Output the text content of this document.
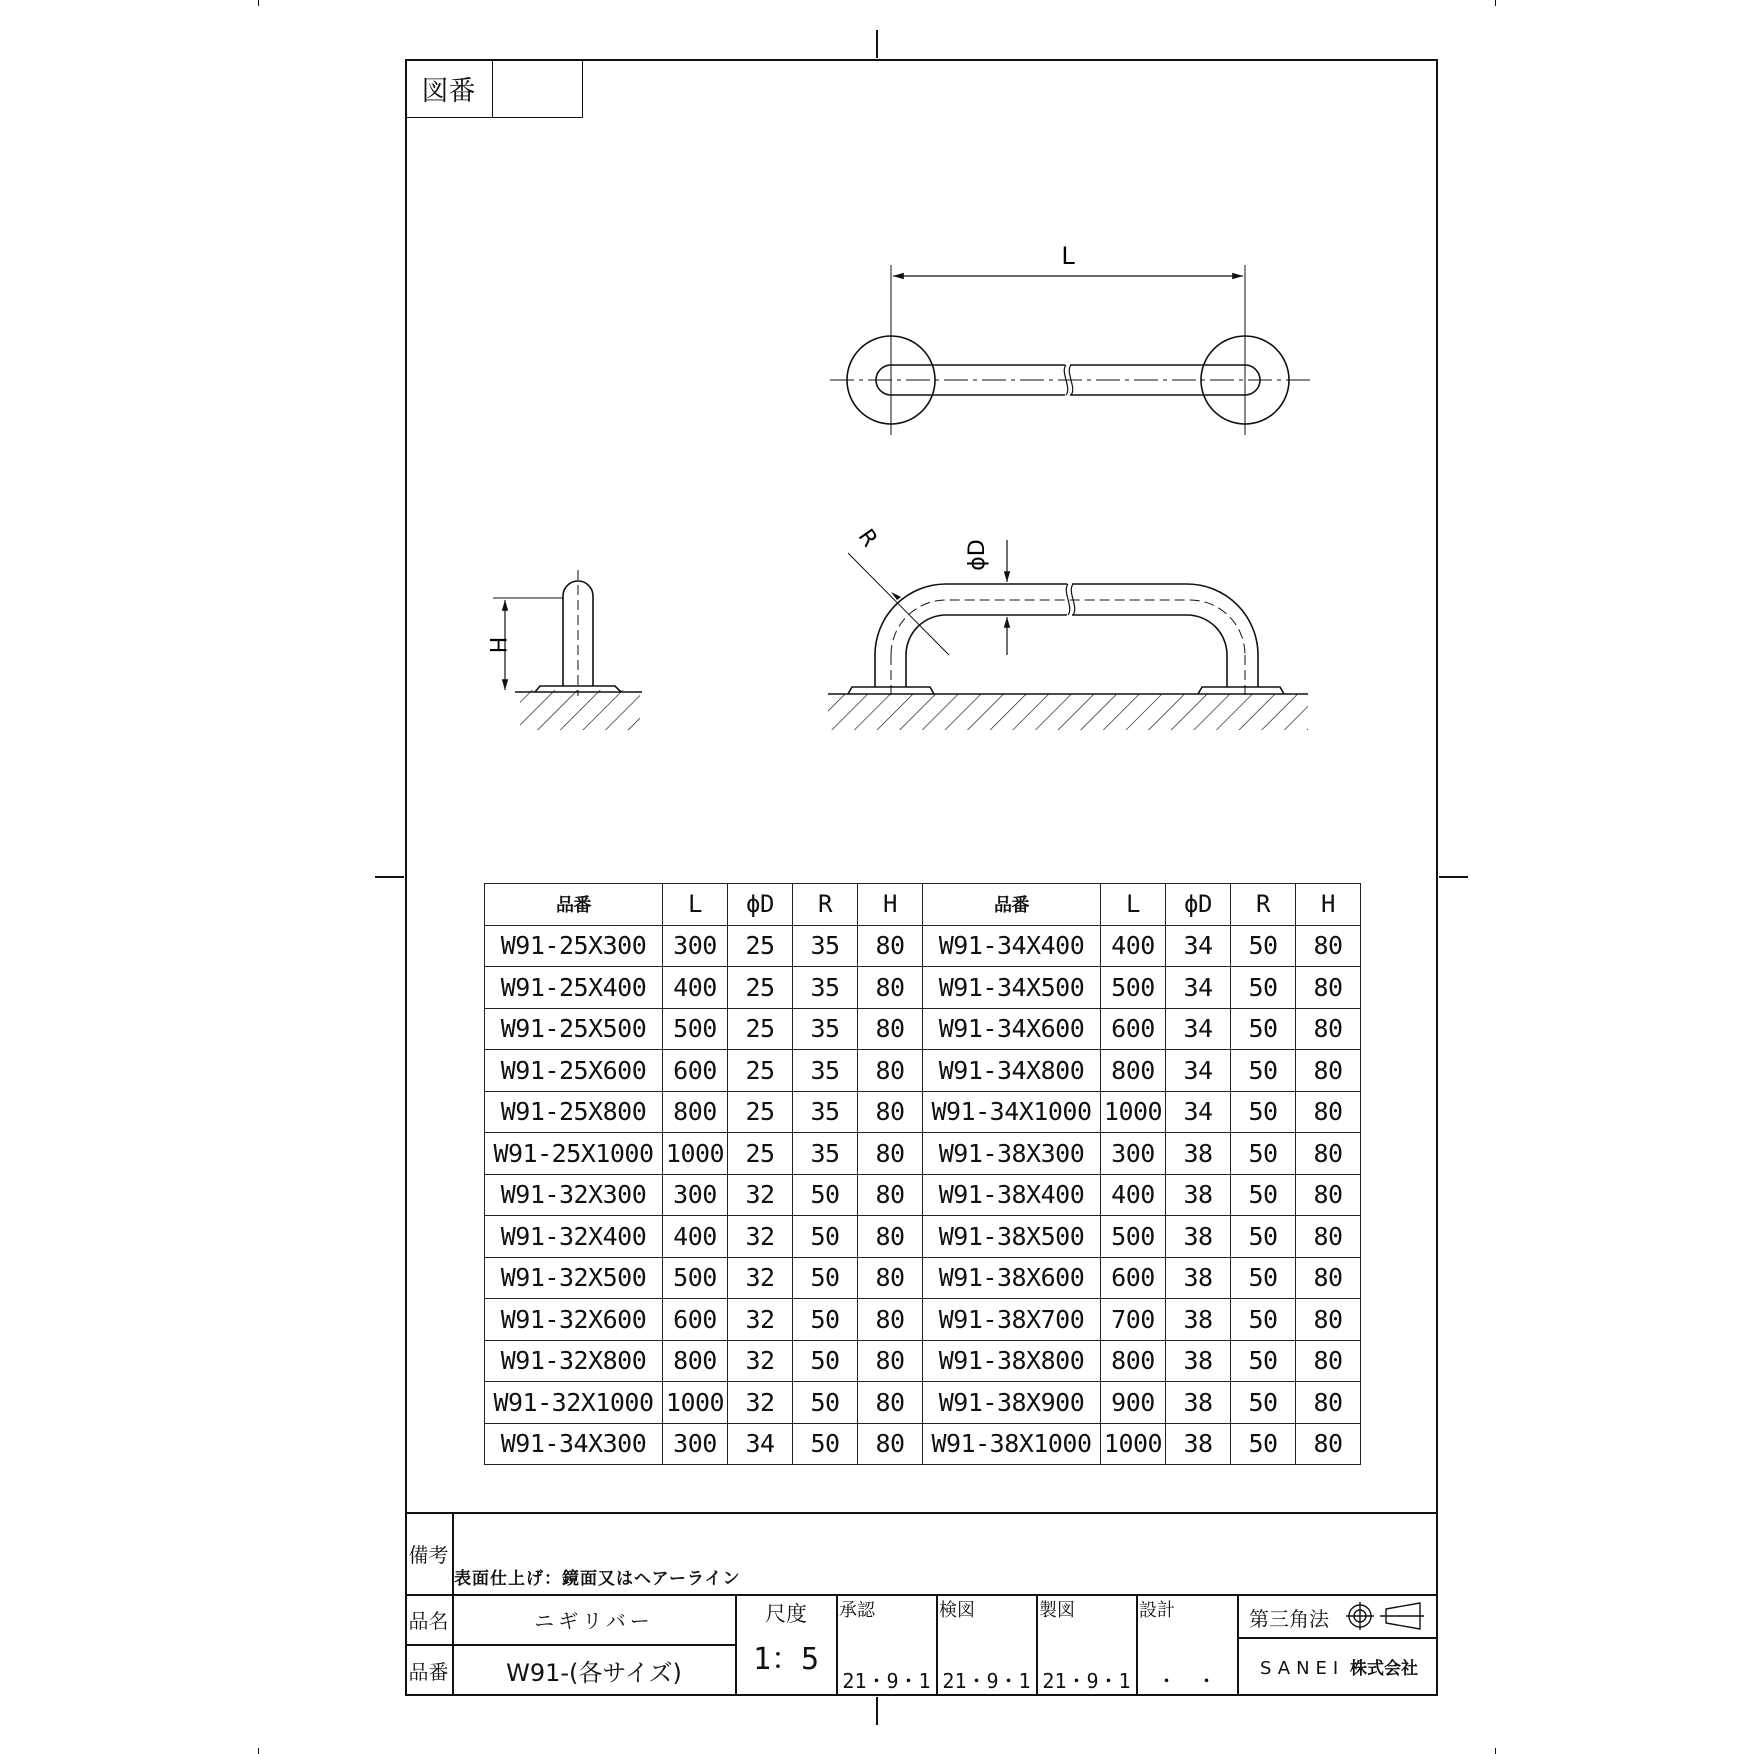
図番
L
H
R
ϕD
品番	L	ϕD	R	H	品番	L	ϕD	R	H
W91-25X300	300	25	35	80	W91-34X400	400	34	50	80
W91-25X400	400	25	35	80	W91-34X500	500	34	50	80
W91-25X500	500	25	35	80	W91-34X600	600	34	50	80
W91-25X600	600	25	35	80	W91-34X800	800	34	50	80
W91-25X800	800	25	35	80	W91-34X1000	1000	34	50	80
W91-25X1000	1000	25	35	80	W91-38X300	300	38	50	80
W91-32X300	300	32	50	80	W91-38X400	400	38	50	80
W91-32X400	400	32	50	80	W91-38X500	500	38	50	80
W91-32X500	500	32	50	80	W91-38X600	600	38	50	80
W91-32X600	600	32	50	80	W91-38X700	700	38	50	80
W91-32X800	800	32	50	80	W91-38X800	800	38	50	80
W91-32X1000	1000	32	50	80	W91-38X900	900	38	50	80
W91-34X300	300	34	50	80	W91-38X1000	1000	38	50	80
備考
表面仕上げ：鏡面又はヘアーライン
品名	ニギリバー
品番	W91-(各サイズ)
尺度
1：5
承認
21・9・1
検図
21・9・1
製図
21・9・1
設計
・　・
第三角法
SANEI 株式会社
